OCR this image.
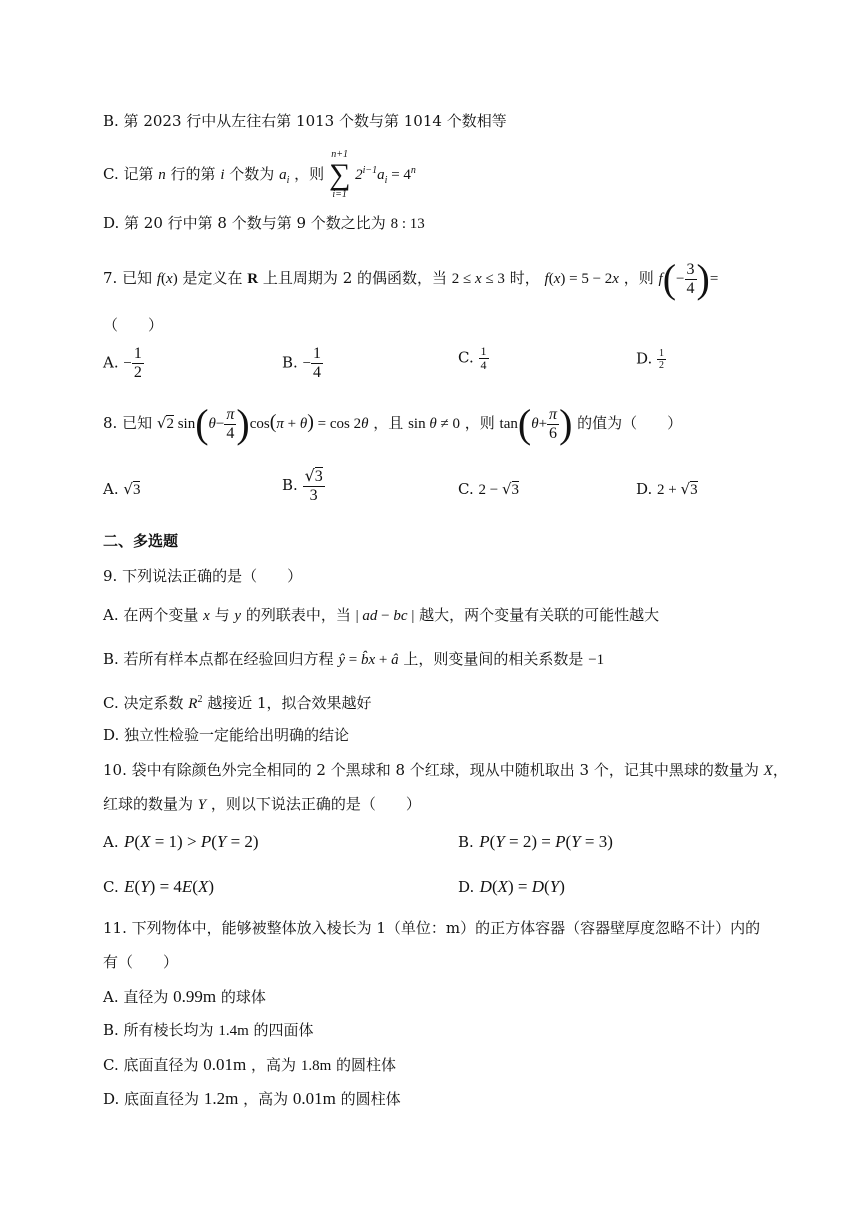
B. 第 2023 行中从左往右第 1013 个数与第 1014 个数相等
C. 记第 n 行的第 i 个数为 $a_i$ ，则
n+1
∑
i=1
$2^{i-1}a_i = 4^n$
D. 第 20 行中第 8 个数与第 9 个数之比为 8 : 13
7. 已知 f(x) 是定义在 R 上且周期为 2 的偶函数，当 2 ≤ x ≤ 3 时， f(x) = 5 − 2x ，则 $f(- \frac{3}{4}$ )=
（　　）
A. − $\frac{1}{2}$	B. − $\frac{1}{4}$	C. $\frac{1}{4}$	D. $\frac{1}{2}$
8. 已知 √2 $\sin(\theta- \frac{\pi}{4} )\cos(\pi + \theta) = \cos 2\theta$ ，且 sin θ ≠ 0 ，则 $\tan(\theta+ \frac{\pi}{6}$ ) 的值为（　　）
A. √3	B. $\frac{√3}{3}$	C. 2 − √3	D. 2 + √3
二、多选题
9. 下列说法正确的是（　　）
A. 在两个变量 x 与 y 的列联表中，当 | ad − bc | 越大，两个变量有关联的可能性越大
B. 若所有样本点都在经验回归方程 ŷ = b̂x + â 上，则变量间的相关系数是 −1
C. 决定系数 $R^2$ 越接近 1，拟合效果越好
D. 独立性检验一定能给出明确的结论
10. 袋中有除颜色外完全相同的 2 个黑球和 8 个红球，现从中随机取出 3 个，记其中黑球的数量为 X，
红球的数量为 Y ，则以下说法正确的是（　　）
A. P(X = 1) > P(Y = 2)	B. P(Y = 2) = P(Y = 3)
C. E(Y) = 4E(X)	D. D(X) = D(Y)
11. 下列物体中，能够被整体放入棱长为 1（单位：m）的正方体容器（容器壁厚度忽略不计）内的
有（　　）
A. 直径为 0.99m 的球体
B. 所有棱长均为 1.4m 的四面体
C. 底面直径为 0.01m ，高为 1.8m 的圆柱体
D. 底面直径为 1.2m ，高为 0.01m 的圆柱体
